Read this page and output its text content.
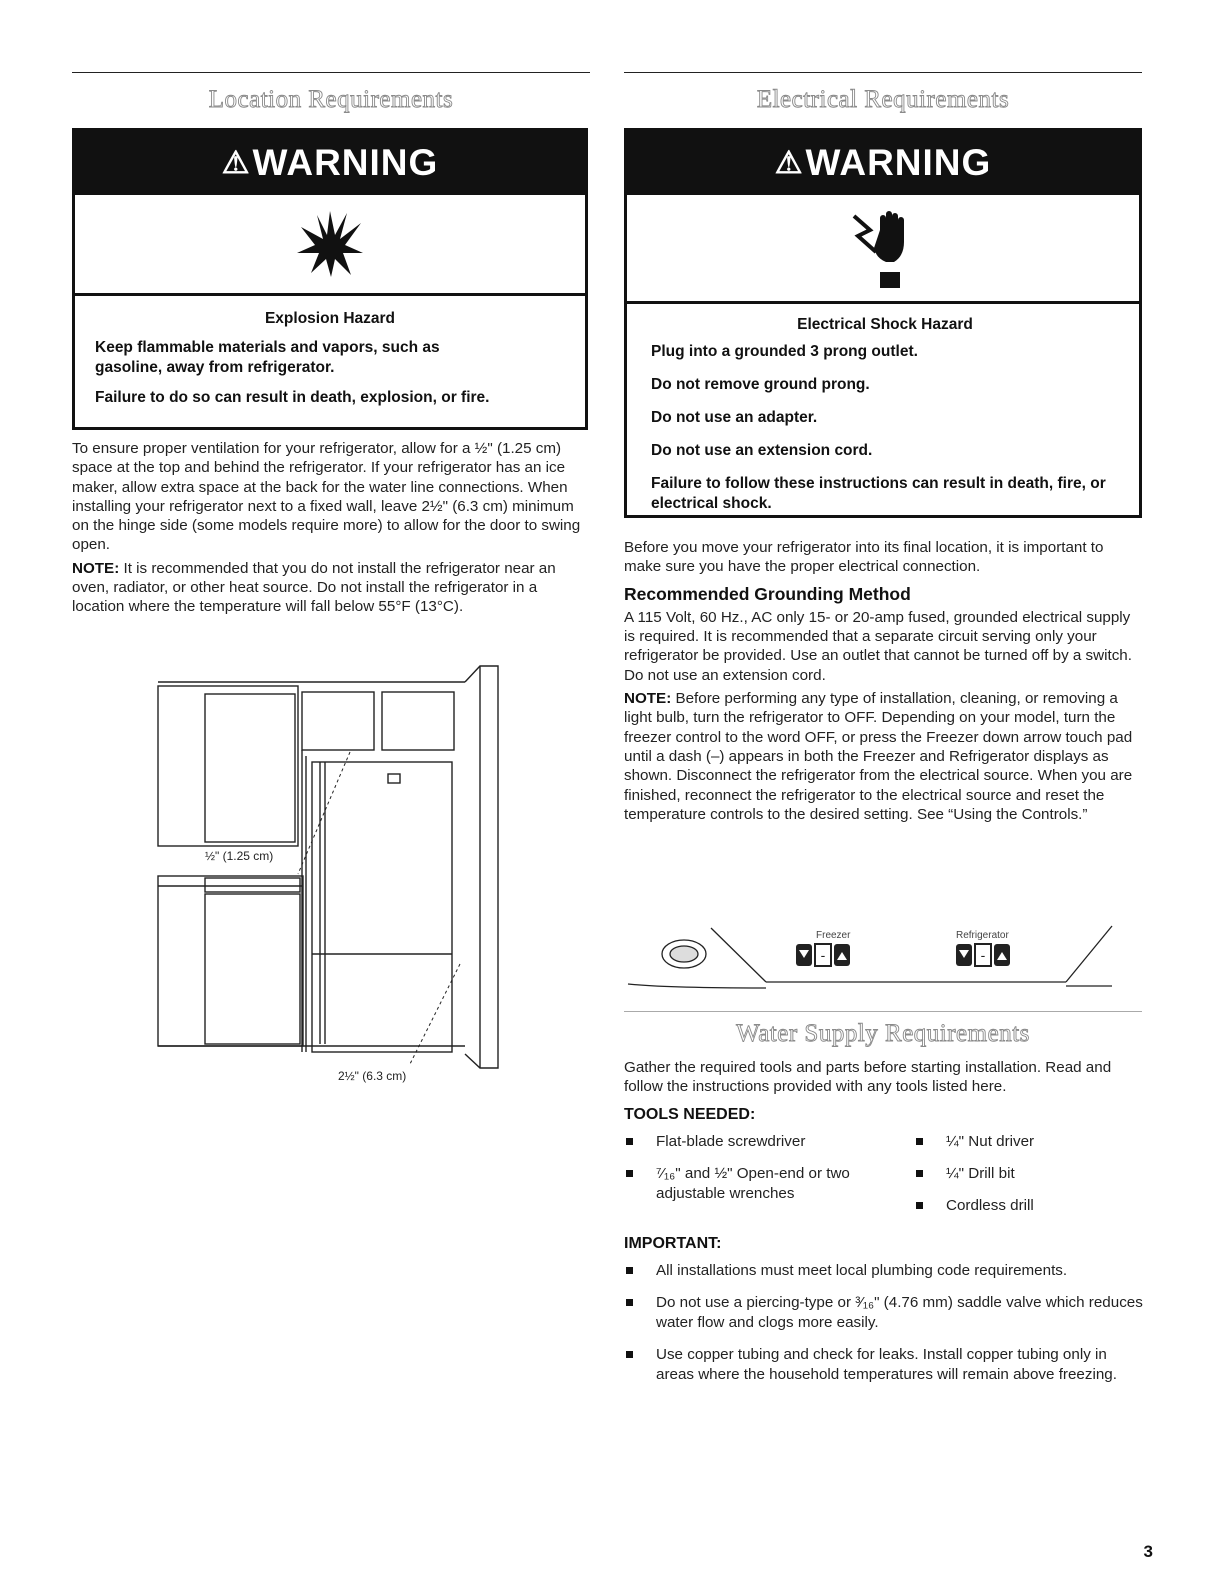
Location Requirements
⚠WARNING
Explosion Hazard

Keep flammable materials and vapors, such as gasoline, away from refrigerator.

Failure to do so can result in death, explosion, or fire.

To ensure proper ventilation for your refrigerator, allow for a ½" (1.25 cm) space at the top and behind the refrigerator. If your refrigerator has an ice maker, allow extra space at the back for the water line connections. When installing your refrigerator next to a fixed wall, leave 2½" (6.3 cm) minimum on the hinge side (some models require more) to allow for the door to swing open.

NOTE: It is recommended that you do not install the refrigerator near an oven, radiator, or other heat source. Do not install the refrigerator in a location where the temperature will fall below 55°F (13°C).

½" (1.25 cm)
2½" (6.3 cm)
Electrical Requirements
⚠WARNING
Electrical Shock Hazard

Plug into a grounded 3 prong outlet.

Do not remove ground prong.

Do not use an adapter.

Do not use an extension cord.

Failure to follow these instructions can result in death, fire, or electrical shock.

Before you move your refrigerator into its final location, it is important to make sure you have the proper electrical connection.

Recommended Grounding Method

A 115 Volt, 60 Hz., AC only 15- or 20-amp fused, grounded electrical supply is required. It is recommended that a separate circuit serving only your refrigerator be provided. Use an outlet that cannot be turned off by a switch. Do not use an extension cord.

NOTE: Before performing any type of installation, cleaning, or removing a light bulb, turn the refrigerator to OFF. Depending on your model, turn the freezer control to the word OFF, or press the Freezer down arrow touch pad until a dash (–) appears in both the Freezer and Refrigerator displays as shown. Disconnect the refrigerator from the electrical source. When you are finished, reconnect the refrigerator to the electrical source and reset the temperature controls to the desired setting. See “Using the Controls.”

-	-
Freezer	Refrigerator
Water Supply Requirements

Gather the required tools and parts before starting installation. Read and follow the instructions provided with any tools listed here.

TOOLS NEEDED:
Flat-blade screwdriver
⁷⁄₁₆" and ½" Open-end or two adjustable wrenches
¼" Nut driver
¼" Drill bit
Cordless drill
IMPORTANT:
All installations must meet local plumbing code requirements.
Do not use a piercing-type or ³⁄₁₆" (4.76 mm) saddle valve which reduces water flow and clogs more easily.
Use copper tubing and check for leaks. Install copper tubing only in areas where the household temperatures will remain above freezing.
3
